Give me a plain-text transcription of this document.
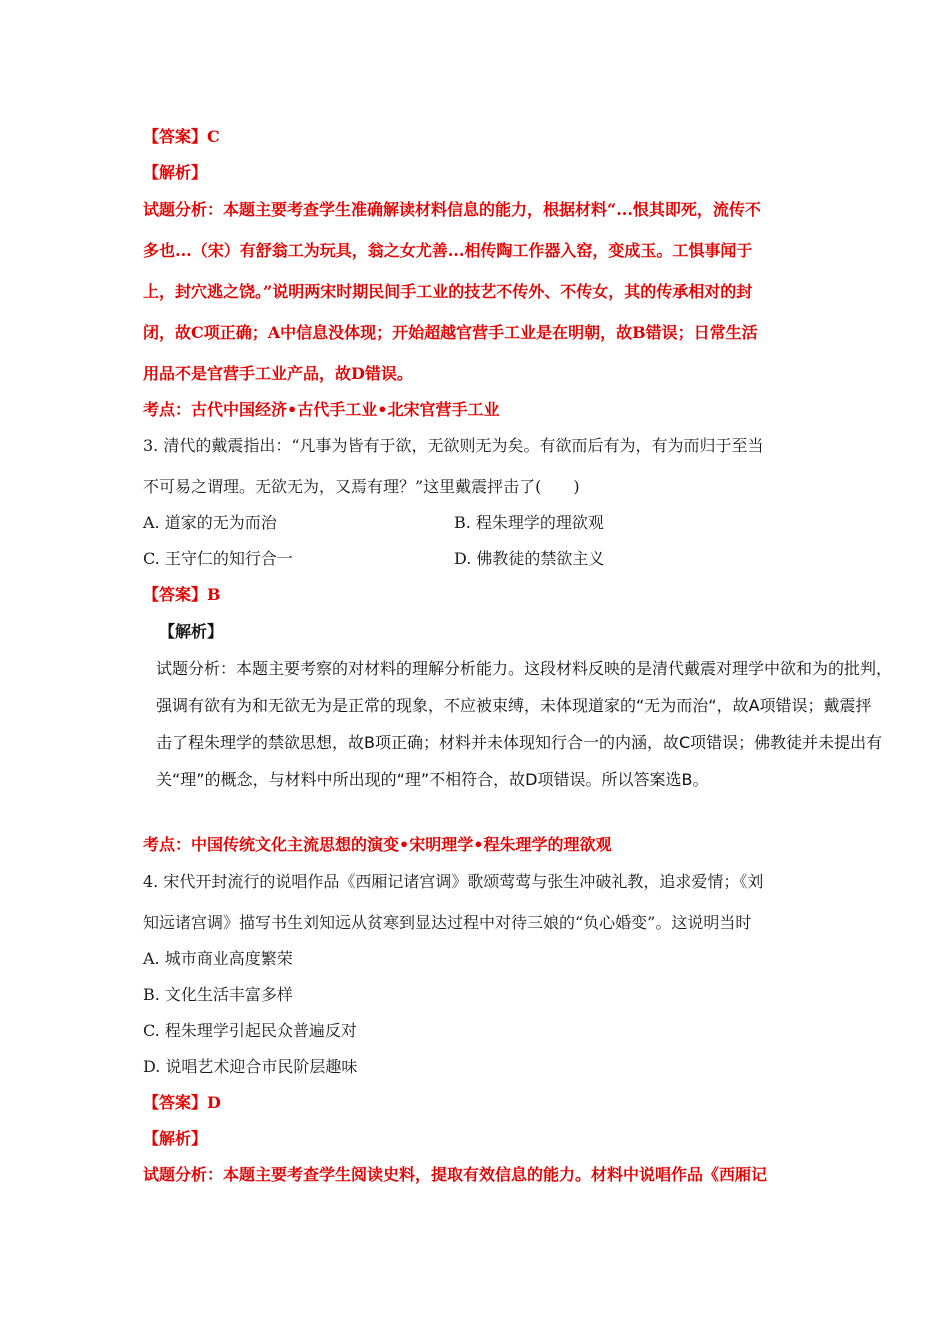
【答案】C
【解析】
试题分析：本题主要考查学生准确解读材料信息的能力，根据材料“...恨其即死，流传不
多也...（宋）有舒翁工为玩具，翁之女尤善...相传陶工作器入窑，变成玉。工惧事闻于
上，封穴逃之饶。”说明两宋时期民间手工业的技艺不传外、不传女，其的传承相对的封
闭，故C项正确；A中信息没体现；开始超越官营手工业是在明朝，故B错误；日常生活
用品不是官营手工业产品，故D错误。
考点：古代中国经济•古代手工业•北宋官营手工业
3. 清代的戴震指出：“凡事为皆有于欲，无欲则无为矣。有欲而后有为，有为而归于至当
不可易之谓理。无欲无为，又焉有理？”这里戴震抨击了(　　)
A. 道家的无为而治	B. 程朱理学的理欲观
C. 王守仁的知行合一	D. 佛教徒的禁欲主义
【答案】B
【解析】
试题分析：本题主要考察的对材料的理解分析能力。这段材料反映的是清代戴震对理学中欲和为的批判，
强调有欲有为和无欲无为是正常的现象，不应被束缚，未体现道家的“无为而治“，故A项错误；戴震抨
击了程朱理学的禁欲思想，故B项正确；材料并未体现知行合一的内涵，故C项错误；佛教徒并未提出有
关“理”的概念，与材料中所出现的“理”不相符合，故D项错误。所以答案选B。
考点：中国传统文化主流思想的演变•宋明理学•程朱理学的理欲观
4. 宋代开封流行的说唱作品《西厢记诸宫调》歌颂莺莺与张生冲破礼教，追求爱情；《刘
知远诸宫调》描写书生刘知远从贫寒到显达过程中对待三娘的“负心婚变”。这说明当时
A. 城市商业高度繁荣
B. 文化生活丰富多样
C. 程朱理学引起民众普遍反对
D. 说唱艺术迎合市民阶层趣味
【答案】D
【解析】
试题分析：本题主要考查学生阅读史料，提取有效信息的能力。材料中说唱作品《西厢记
